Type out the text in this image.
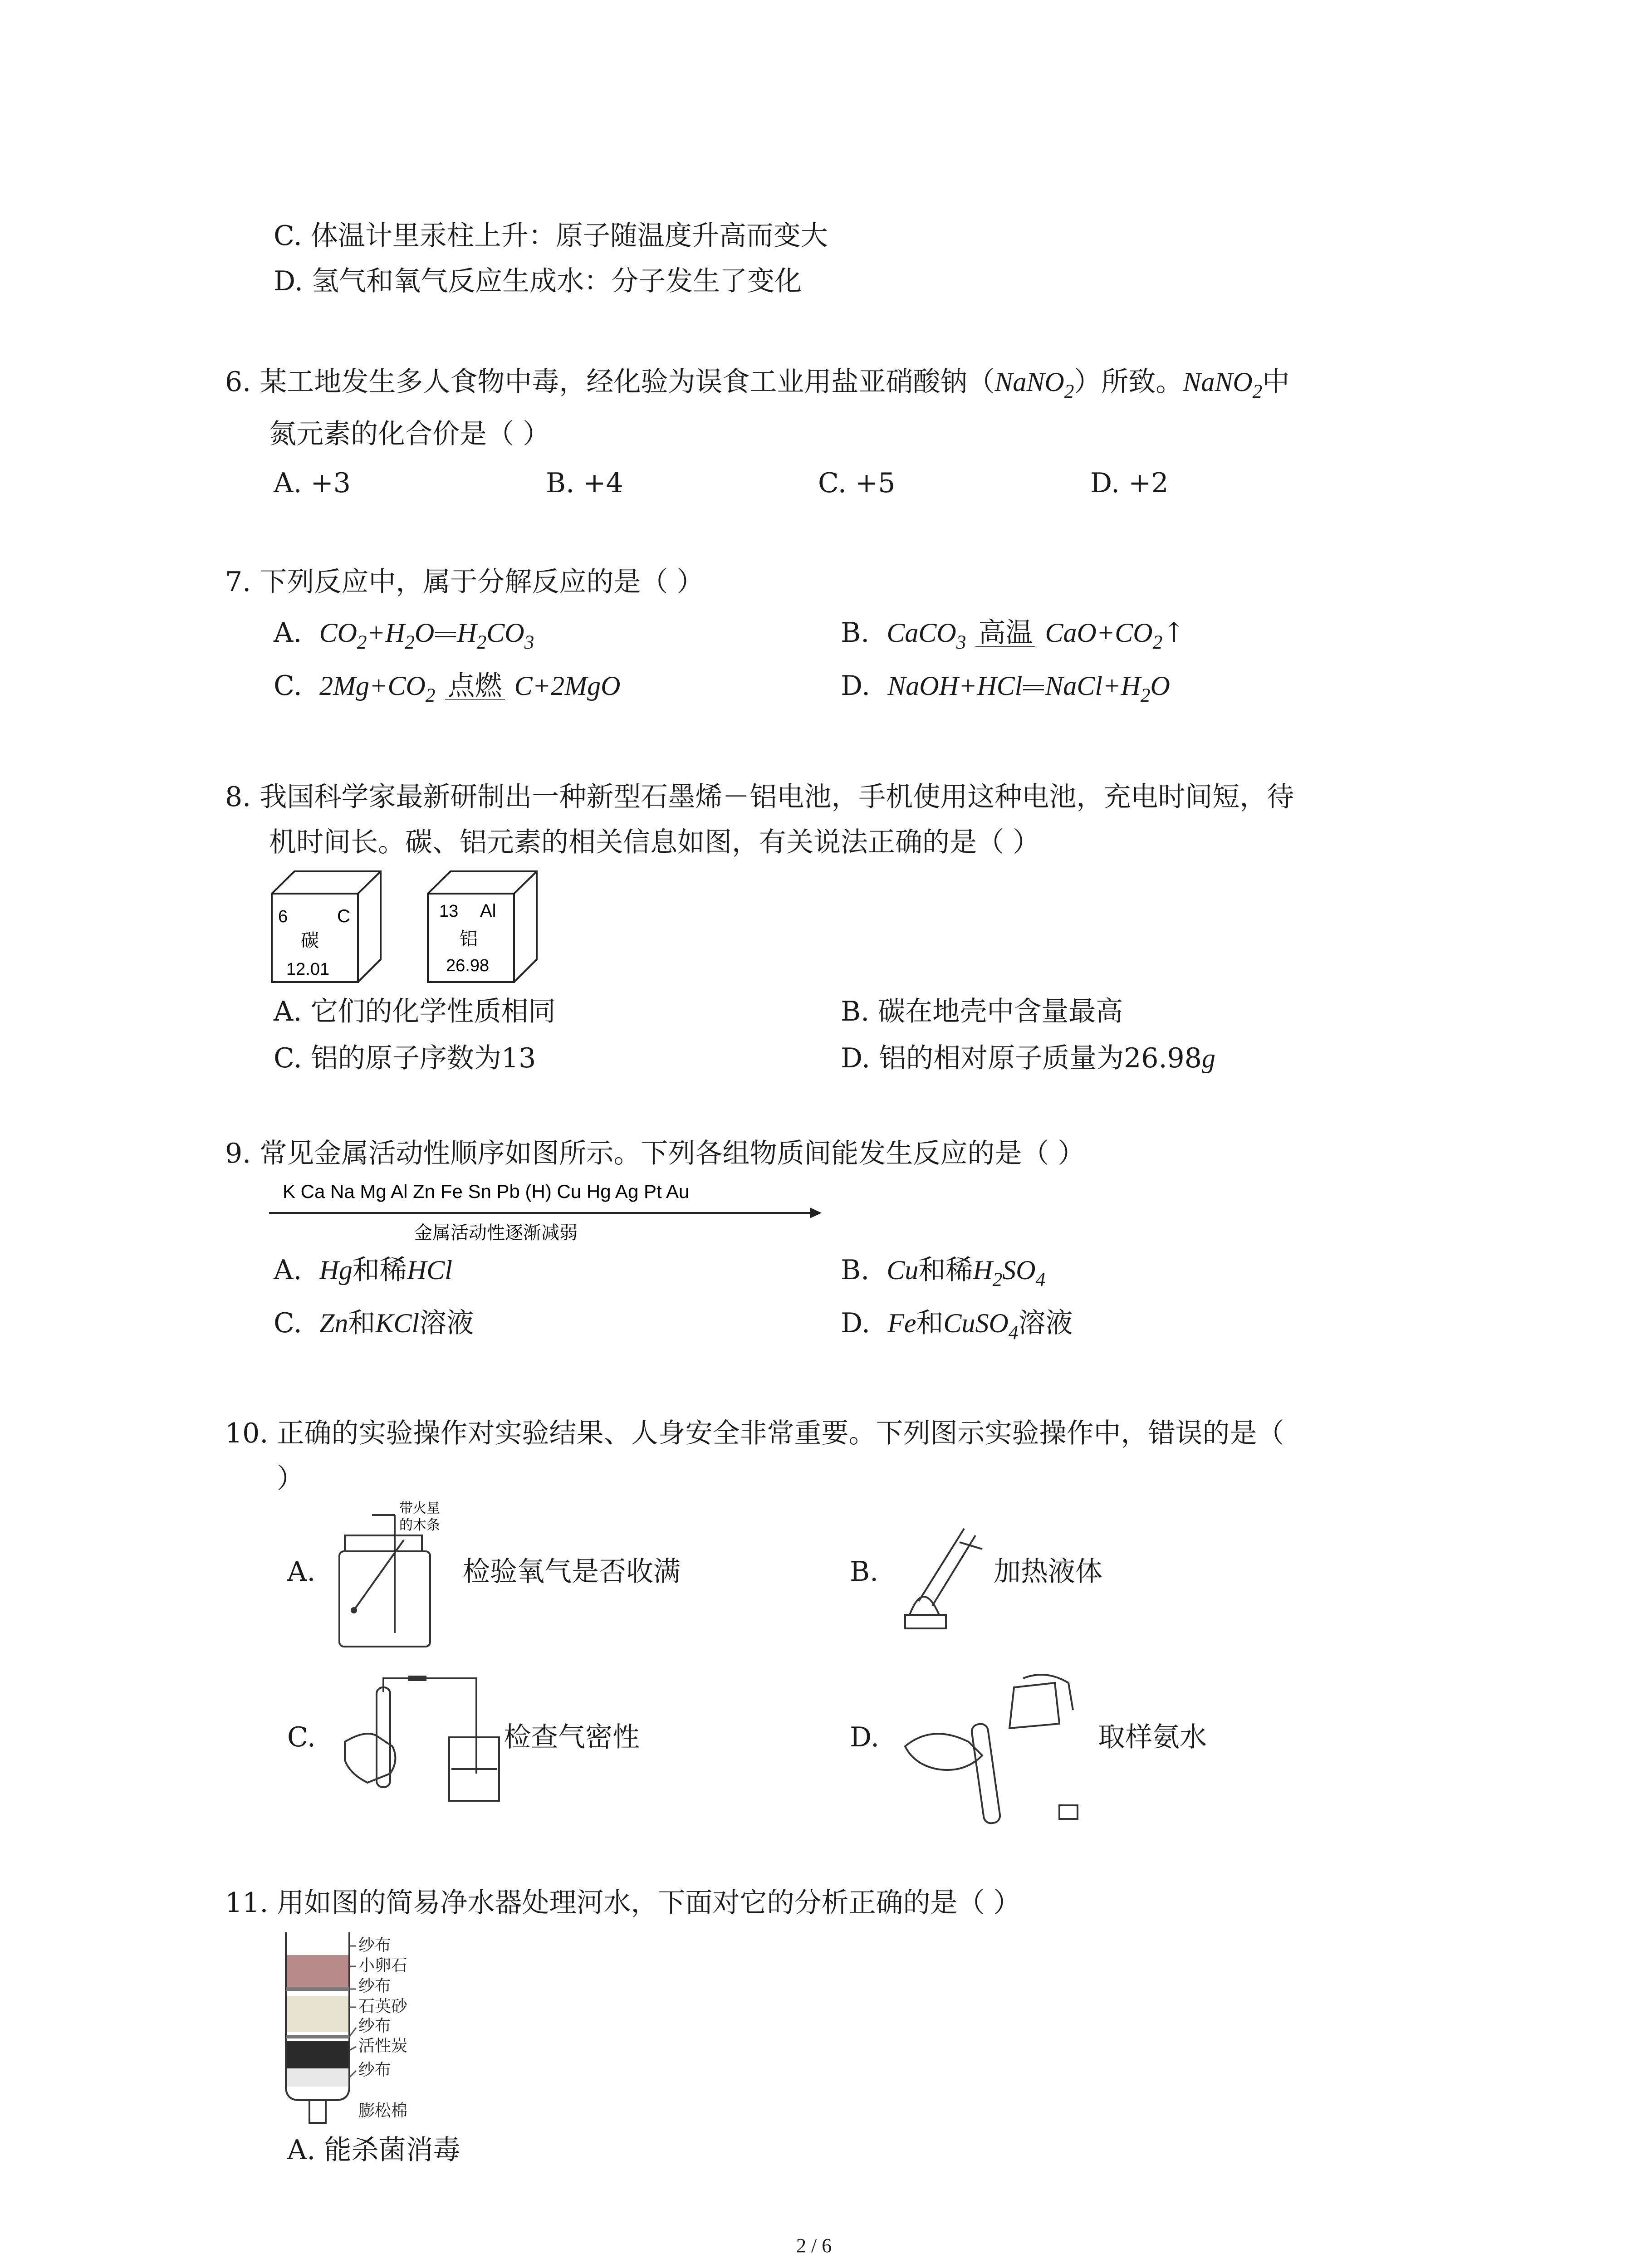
C. 体温计里汞柱上升：原子随温度升高而变大
D. 氢气和氧气反应生成水：分子发生了变化
6. 某工地发生多人食物中毒，经化验为误食工业用盐亚硝酸钠（NaNO$_2$）所致。NaNO$_2$中
氮元素的化合价是（ ）
A. +3	B. +4	C. +5	D. +2
7. 下列反应中，属于分解反应的是（ ）
A. $CO_2+H_2O$ $H_2CO_3$	B. CaCO$_3$ 高温 $CaO+CO_2↑$
C. $2Mg+CO_2$ 点燃 C+2MgO	D. NaOH+HCl $NaCl+H_2O$
8. 我国科学家最新研制出一种新型石墨烯－铝电池，手机使用这种电池，充电时间短，待
机时间长。碳、铝元素的相关信息如图，有关说法正确的是（ ）
6	C
碳
12.01
13 Al
铝
26.98
A. 它们的化学性质相同	B. 碳在地壳中含量最高
C. 铝的原子序数为13	D. 铝的相对原子质量为26.98g
9. 常见金属活动性顺序如图所示。下列各组物质间能发生反应的是（ ）
K Ca Na Mg Al Zn Fe Sn Pb (H) Cu Hg Ag Pt Au
金属活动性逐渐减弱
A. Hg和稀HCl	B. Cu和稀$H_2SO_4$
C. Zn和KCl溶液	D. Fe和CuSO$_4$溶液
10. 正确的实验操作对实验结果、人身安全非常重要。下列图示实验操作中，错误的是（
）
A.
带火星
的木条
检验氧气是否收满	B.	加热液体
C.	检查气密性	D.	取样氨水
11. 用如图的简易净水器处理河水，下面对它的分析正确的是（ ）
纱布
小卵石
纱布
石英砂
纱布
活性炭
纱布
膨松棉
A. 能杀菌消毒
2 / 6
